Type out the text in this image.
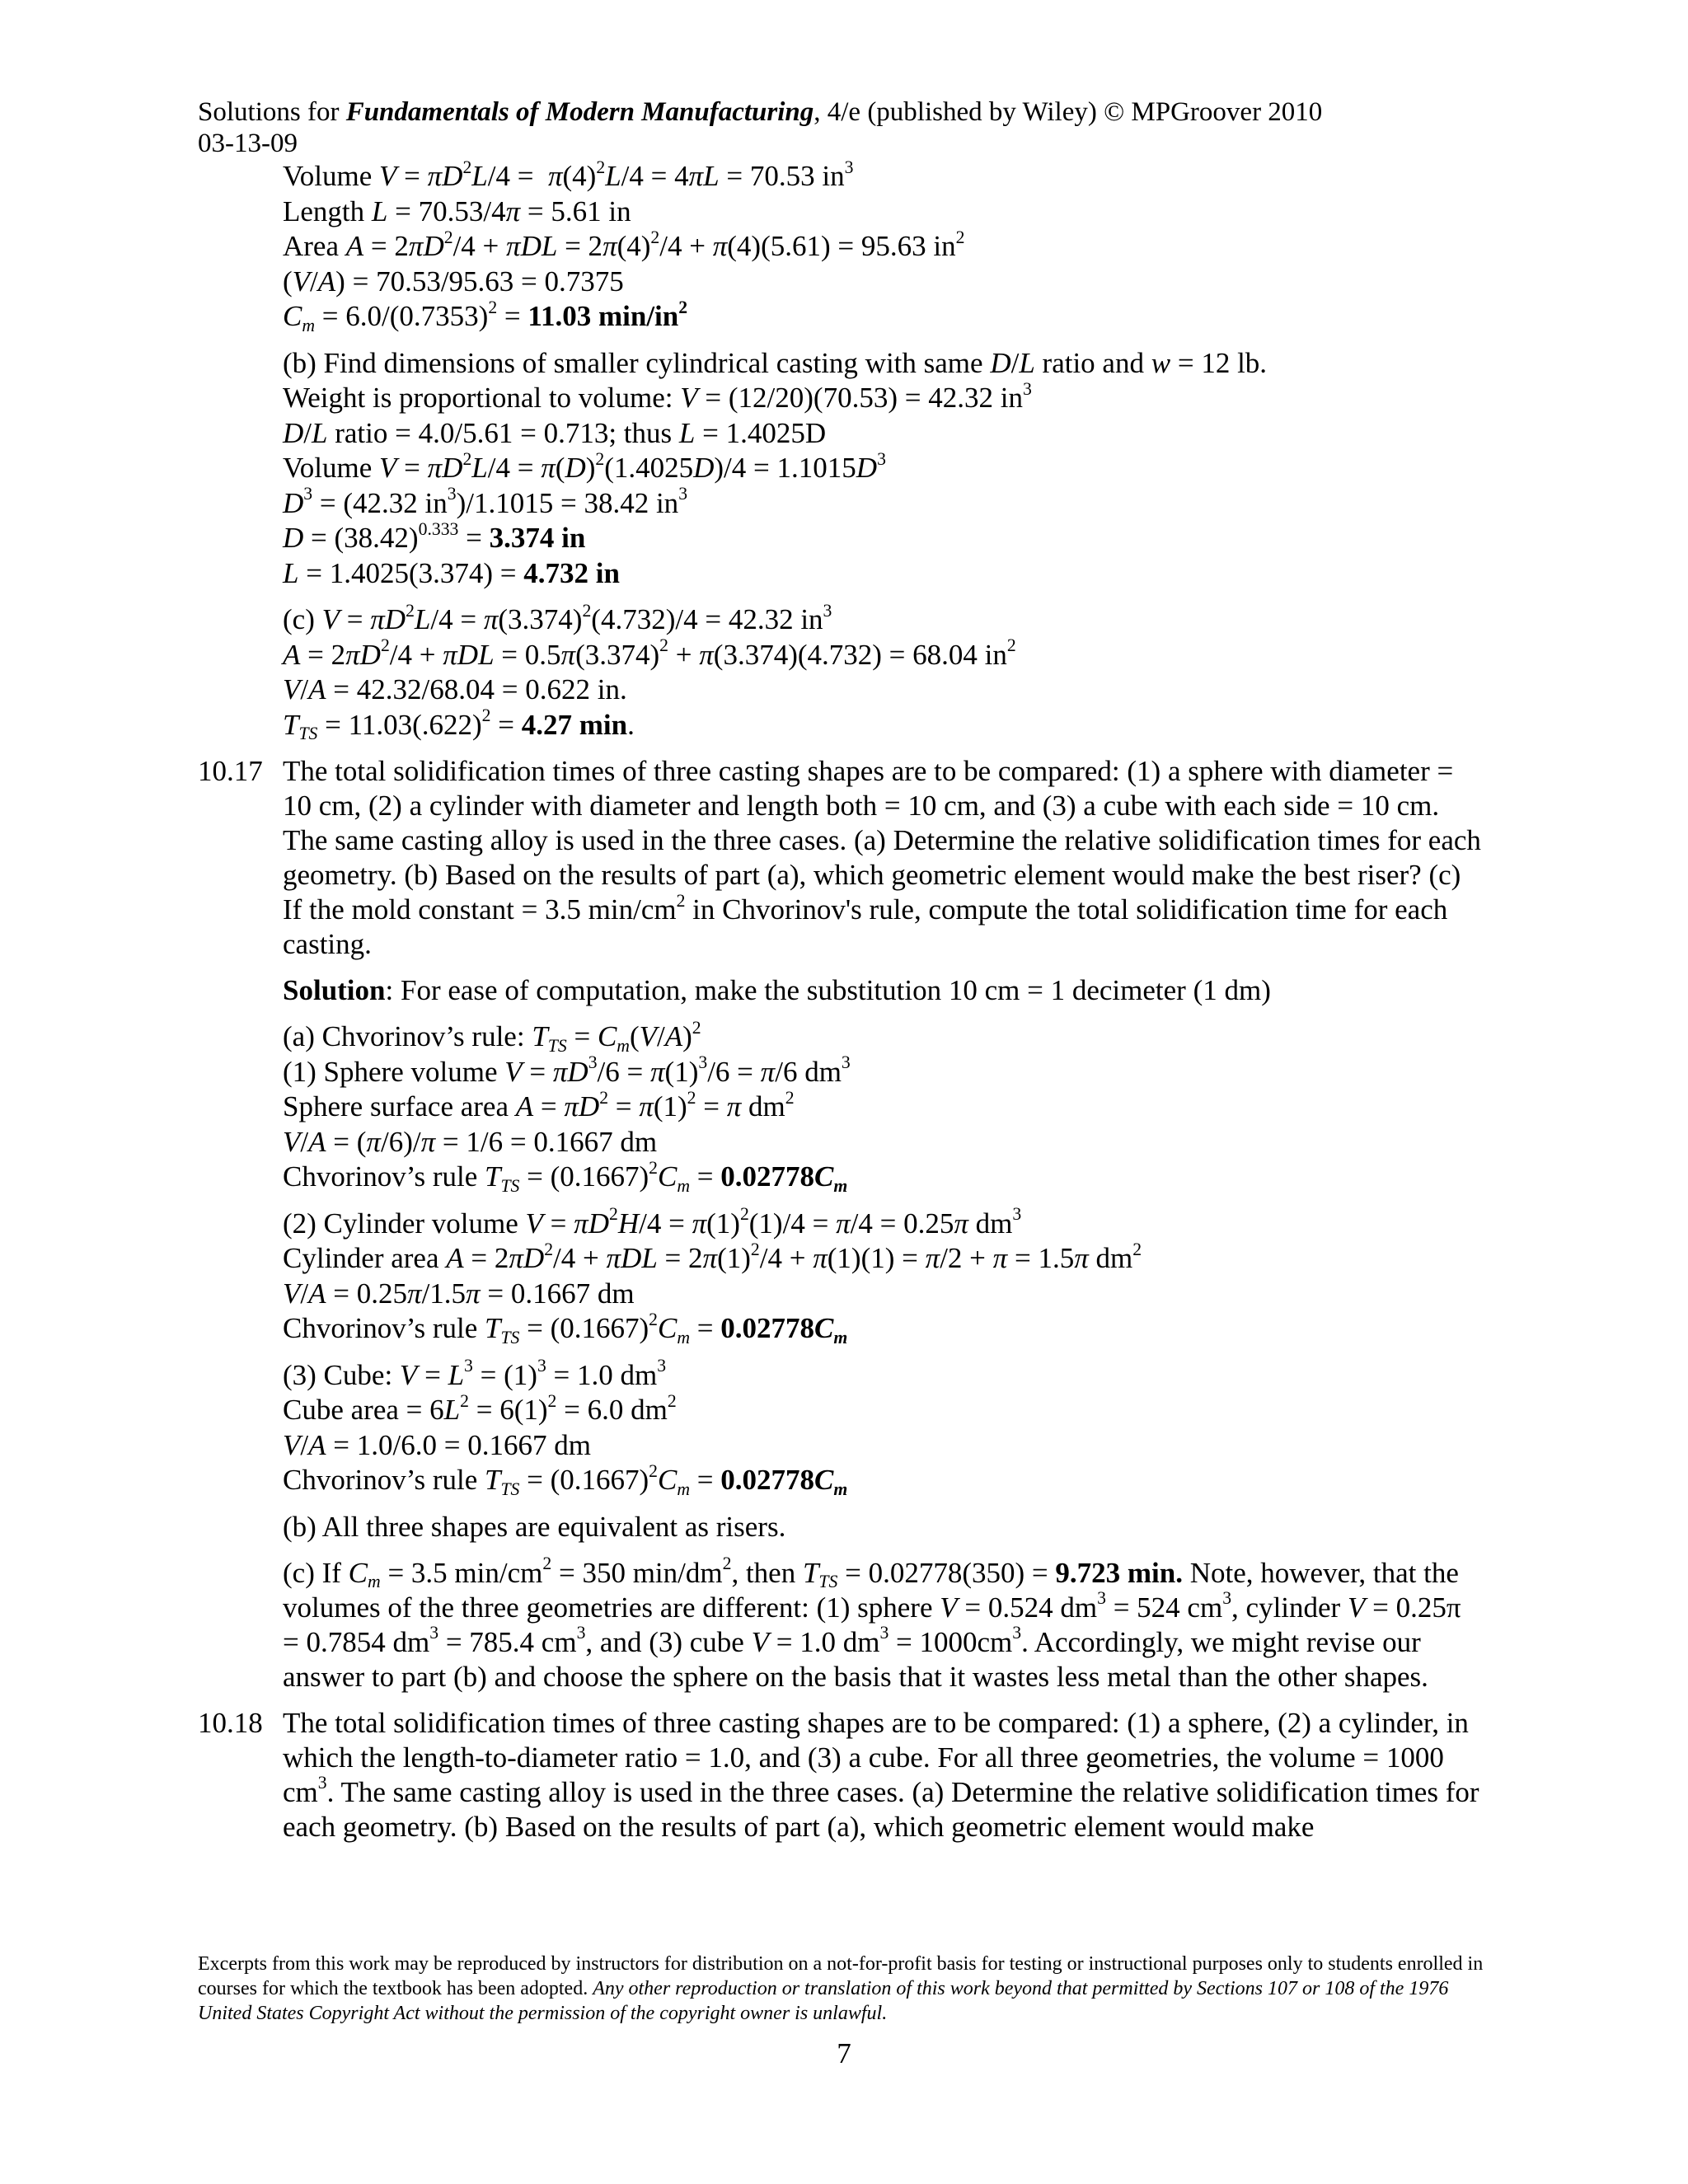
Solutions for Fundamentals of Modern Manufacturing, 4/e (published by Wiley) © MPGroover 2010
03-13-09
Volume $V = \pi D^2L/4 = \pi(4)^2L/4 = 4\pi L = 70.53$ $in^3$
Length L = 70.53/4π = 5.61 in
Area $A = 2\pi D^2/4 + \pi DL = 2\pi(4)^2/4 + \pi(4)(5.61) = 95.63$ $in^2$
(V/A) = 70.53/95.63 = 0.7375
$C_m = 6.0/(0.7353)^2 = 11.03$ $\min/in^2$
(b) Find dimensions of smaller cylindrical casting with same D/L ratio and w = 12 lb.
Weight is proportional to volume: V = (12/20)(70.53) = 42.32 $in^3$
D/L ratio = 4.0/5.61 = 0.713; thus L = 1.4025D
Volume $V = \pi D^2L/4 = \pi(D)^2(1.4025D)/4 = 1.1015D^3$
$D^3 = (42.32$ $in^3)/1.1015 = 38.42$ $in^3$
$D = (38.42)^{0.333} = 3.374$ in
L = 1.4025(3.374) = 4.732 in
(c) $V = \pi D^2L/4 = \pi(3.374)^2(4.732)/4 = 42.32$ $in^3$
$A = 2\pi D^2/4 + \pi DL = 0.5\pi(3.374)^2 + \pi(3.374)(4.732) = 68.04$ $in^2$
V/A = 42.32/68.04 = 0.622 in.
$T_{TS} = 11.03(.622)^2 = 4.27$ min.
10.17 The total solidification times of three casting shapes are to be compared: (1) a sphere with diameter = 10 cm, (2) a cylinder with diameter and length both = 10 cm, and (3) a cube with each side = 10 cm. The same casting alloy is used in the three cases. (a) Determine the relative solidification times for each geometry. (b) Based on the results of part (a), which geometric element would make the best riser? (c) If the mold constant = 3.5 $\min/cm^2$ in Chvorinov's rule, compute the total solidification time for each casting.
Solution: For ease of computation, make the substitution 10 cm = 1 decimeter (1 dm)
(a) Chvorinov’s rule: $T_{TS} = C_m(V/A)^2$
(1) Sphere volume $V = \pi D^3/6 = \pi(1)^3/6 = \pi/6$ $dm^3$
Sphere surface area $A = \pi D^2 = \pi(1)^2 = \pi$ $dm^2$
V/A = (π/6)/π = 1/6 = 0.1667 dm
Chvorinov’s rule $T_{TS} = (0.1667)^2C_m = 0.02778C_m$
(2) Cylinder volume $V = \pi D^2H/4 = \pi(1)^2(1)/4 = \pi/4 = 0.25\pi$ $dm^3$
Cylinder area $A = 2\pi D^2/4 + \pi DL = 2\pi(1)^2/4 + \pi(1)(1) = \pi/2 + \pi = 1.5\pi$ $dm^2$
V/A = 0.25π/1.5π = 0.1667 dm
Chvorinov’s rule $T_{TS} = (0.1667)^2C_m = 0.02778C_m$
(3) Cube: $V = L^3 = (1)^3 = 1.0$ $dm^3$
Cube area = $6L^2 = 6(1)^2 = 6.0$ $dm^2$
V/A = 1.0/6.0 = 0.1667 dm
Chvorinov’s rule $T_{TS} = (0.1667)^2C_m = 0.02778C_m$
(b) All three shapes are equivalent as risers.
(c) If $C_m = 3.5$ $\min/cm^2 = 350$ $\min/dm^2$, then $T_{TS} = 0.02778(350) = 9.723$ min. Note, however, that the volumes of the three geometries are different: (1) sphere V = 0.524 $dm^3 = 524$ $cm^3$, cylinder V = 0.25π = 0.7854 $dm^3 = 785.4$ $cm^3$, and (3) cube V = 1.0 $dm^3 = 1000cm^3$. Accordingly, we might revise our answer to part (b) and choose the sphere on the basis that it wastes less metal than the other shapes.
10.18 The total solidification times of three casting shapes are to be compared: (1) a sphere, (2) a cylinder, in which the length-to-diameter ratio = 1.0, and (3) a cube. For all three geometries, the volume = 1000 $cm^3$. The same casting alloy is used in the three cases. (a) Determine the relative solidification times for each geometry. (b) Based on the results of part (a), which geometric element would make
Excerpts from this work may be reproduced by instructors for distribution on a not-for-profit basis for testing or instructional purposes only to students enrolled in courses for which the textbook has been adopted. Any other reproduction or translation of this work beyond that permitted by Sections 107 or 108 of the 1976 United States Copyright Act without the permission of the copyright owner is unlawful.
7
